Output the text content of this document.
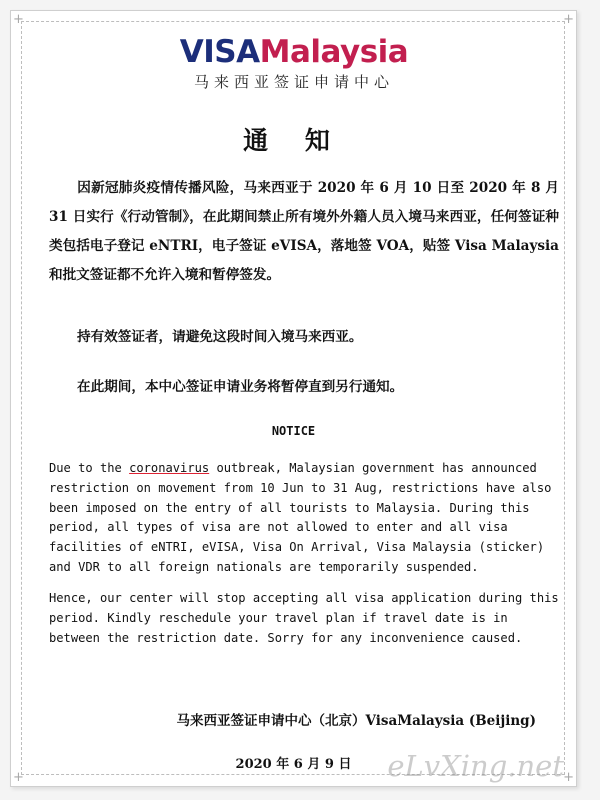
+	+
+	+
VISAMalaysia
马来西亚签证申请中心
通 知

因新冠肺炎疫情传播风险，马来西亚于 2020 年 6 月 10 日至 2020 年 8 月 31 日实行《行动管制》，在此期间禁止所有境外外籍人员入境马来西亚，任何签证种类包括电子登记 eNTRI，电子签证 eVISA，落地签 VOA，贴签 Visa Malaysia 和批文签证都不允许入境和暂停签发。

持有效签证者，请避免这段时间入境马来西亚。

在此期间，本中心签证申请业务将暂停直到另行通知。

NOTICE

Due to the coronavirus outbreak, Malaysian government has announced restriction on movement from 10 Jun to 31 Aug, restrictions have also been imposed on the entry of all tourists to Malaysia. During this period, all types of visa are not allowed to enter and all visa facilities of eNTRI, eVISA, Visa On Arrival, Visa Malaysia (sticker) and VDR to all foreign nationals are temporarily suspended.

Hence, our center will stop accepting all visa application during this period. Kindly reschedule your travel plan if travel date is in between the restriction date. Sorry for any inconvenience caused.

马来西亚签证申请中心（北京）VisaMalaysia (Beijing)
2020 年 6 月 9 日	eLvXing.net
